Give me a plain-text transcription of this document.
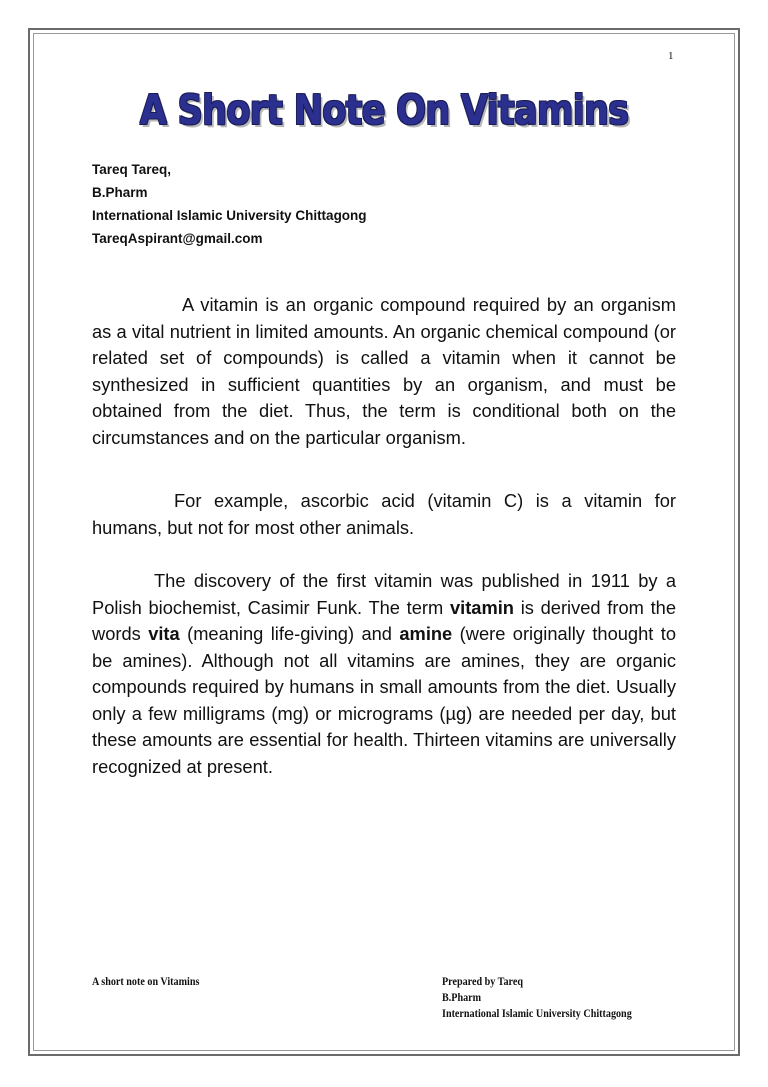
1
A Short Note On Vitamins
Tareq Tareq,
B.Pharm
International Islamic University Chittagong
TareqAspirant@gmail.com

A vitamin is an organic compound required by an organism as a vital nutrient in limited amounts. An organic chemical compound (or related set of compounds) is called a vitamin when it cannot be synthesized in sufficient quantities by an organism, and must be obtained from the diet. Thus, the term is conditional both on the circumstances and on the particular organism.

For example, ascorbic acid (vitamin C) is a vitamin for humans, but not for most other animals.

The discovery of the first vitamin was published in 1911 by a Polish biochemist, Casimir Funk. The term vitamin is derived from the words vita (meaning life-giving) and amine (were originally thought to be amines). Although not all vitamins are amines, they are organic compounds required by humans in small amounts from the diet. Usually only a few milligrams (mg) or micrograms (µg) are needed per day, but these amounts are essential for health. Thirteen vitamins are universally recognized at present.

A short note on Vitamins	Prepared by Tareq
B.Pharm
International Islamic University Chittagong
